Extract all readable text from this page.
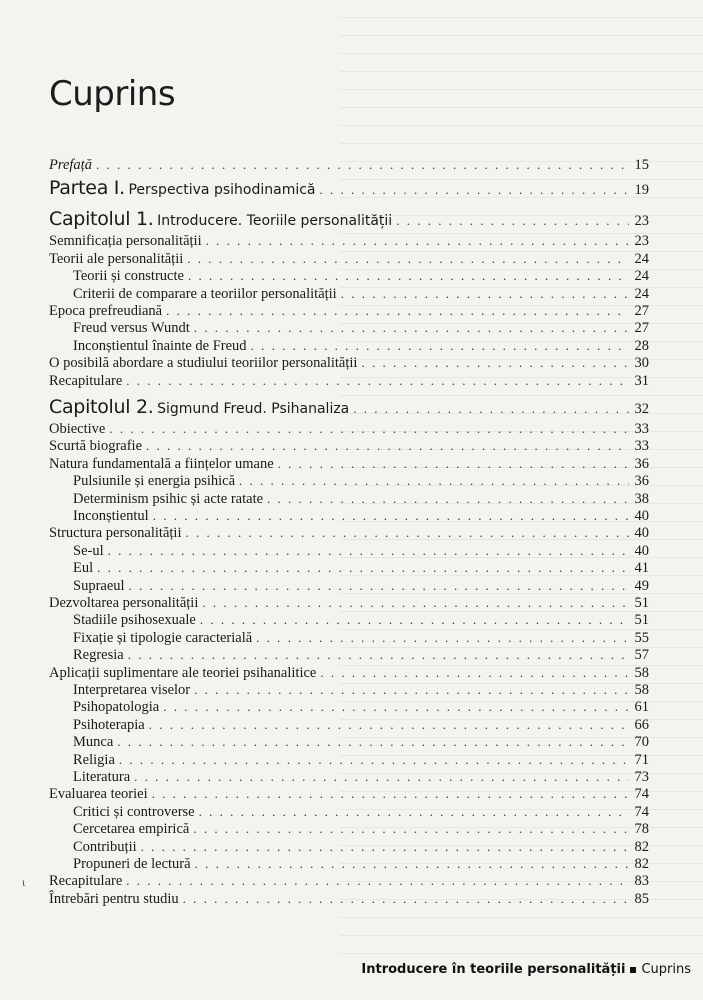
Cuprins
Prefață . . .	15
Partea I. Perspectiva psihodinamică . . .	19
Capitolul 1. Introducere. Teoriile personalității . . .	23
Semnificația personalității . . .	23
Teorii ale personalității . . .	24
Teorii și constructe . . .	24
Criterii de comparare a teoriilor personalității . . .	24
Epoca prefreudiană . . .	27
Freud versus Wundt . . .	27
Inconștientul înainte de Freud . . .	28
O posibilă abordare a studiului teoriilor personalității . . .	30
Recapitulare . . .	31
Capitolul 2. Sigmund Freud. Psihanaliza . . .	32
Obiective . . .	33
Scurtă biografie . . .	33
Natura fundamentală a ființelor umane . . .	36
Pulsiunile și energia psihică . . .	36
Determinism psihic și acte ratate . . .	38
Inconștientul . . .	40
Structura personalității . . .	40
Se-ul . . .	40
Eul . . .	41
Supraeul . . .	49
Dezvoltarea personalității . . .	51
Stadiile psihosexuale . . .	51
Fixație și tipologie caracterială . . .	55
Regresia . . .	57
Aplicații suplimentare ale teoriei psihanalitice . . .	58
Interpretarea viselor . . .	58
Psihopatologia . . .	61
Psihoterapia . . .	66
Munca . . .	70
Religia . . .	71
Literatura . . .	73
Evaluarea teoriei . . .	74
Critici și controverse . . .	74
Cercetarea empirică . . .	78
Contribuții . . .	82
Propuneri de lectură . . .	82
Recapitulare . . .	83
Întrebări pentru studiu . . .	85
ι
Introducere în teoriile personalității Cuprins
